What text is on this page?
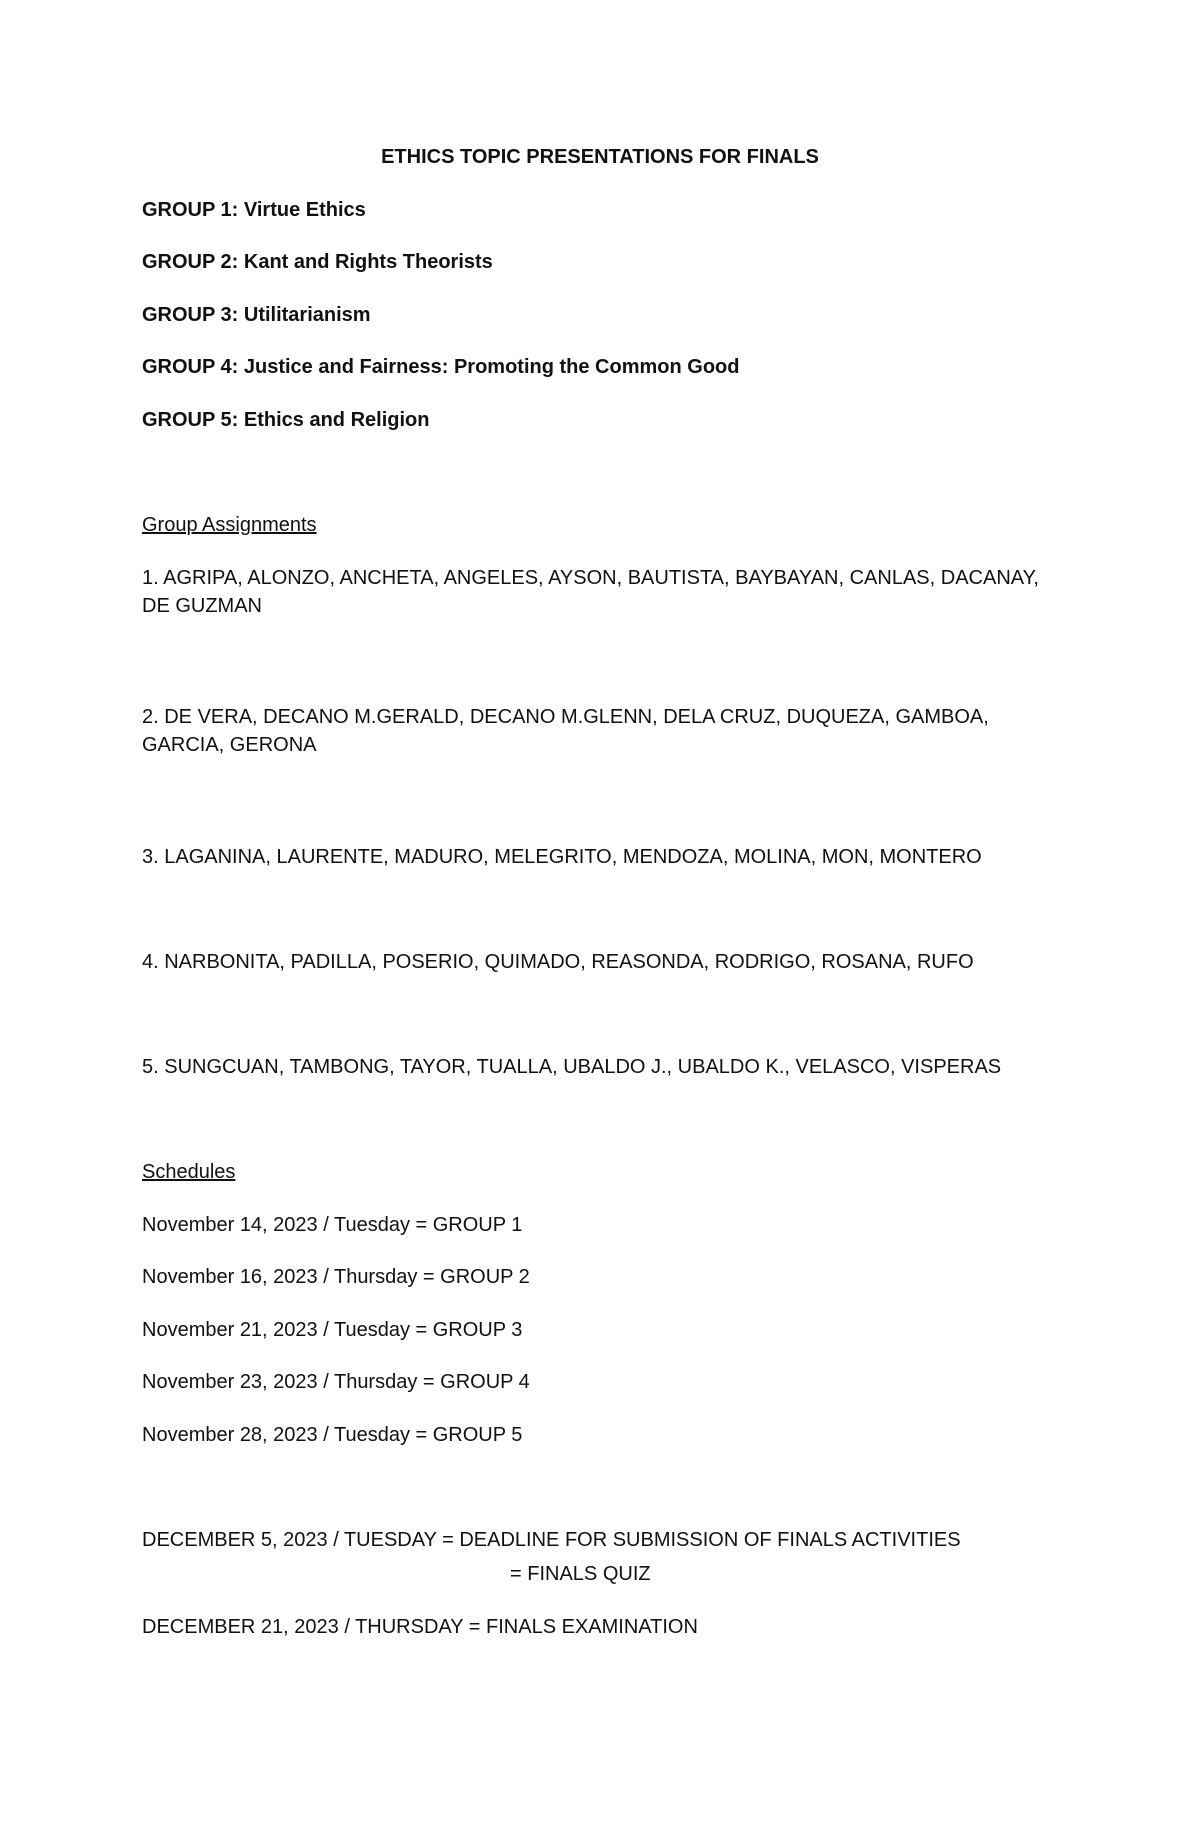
ETHICS TOPIC PRESENTATIONS FOR FINALS

GROUP 1: Virtue Ethics

GROUP 2: Kant and Rights Theorists

GROUP 3: Utilitarianism

GROUP 4: Justice and Fairness: Promoting the Common Good

GROUP 5: Ethics and Religion

Group Assignments

1. AGRIPA, ALONZO, ANCHETA, ANGELES, AYSON, BAUTISTA, BAYBAYAN, CANLAS, DACANAY, DE GUZMAN

2. DE VERA, DECANO M.GERALD, DECANO M.GLENN, DELA CRUZ, DUQUEZA, GAMBOA, GARCIA, GERONA

3. LAGANINA, LAURENTE, MADURO, MELEGRITO, MENDOZA, MOLINA, MON, MONTERO

4. NARBONITA, PADILLA, POSERIO, QUIMADO, REASONDA, RODRIGO, ROSANA, RUFO

5. SUNGCUAN, TAMBONG, TAYOR, TUALLA, UBALDO J., UBALDO K., VELASCO, VISPERAS

Schedules

November 14, 2023 / Tuesday = GROUP 1

November 16, 2023 / Thursday = GROUP 2

November 21, 2023 / Tuesday = GROUP 3

November 23, 2023 / Thursday = GROUP 4

November 28, 2023 / Tuesday = GROUP 5

DECEMBER 5, 2023 / TUESDAY = DEADLINE FOR SUBMISSION OF FINALS ACTIVITIES

= FINALS QUIZ

DECEMBER 21, 2023 / THURSDAY = FINALS EXAMINATION
